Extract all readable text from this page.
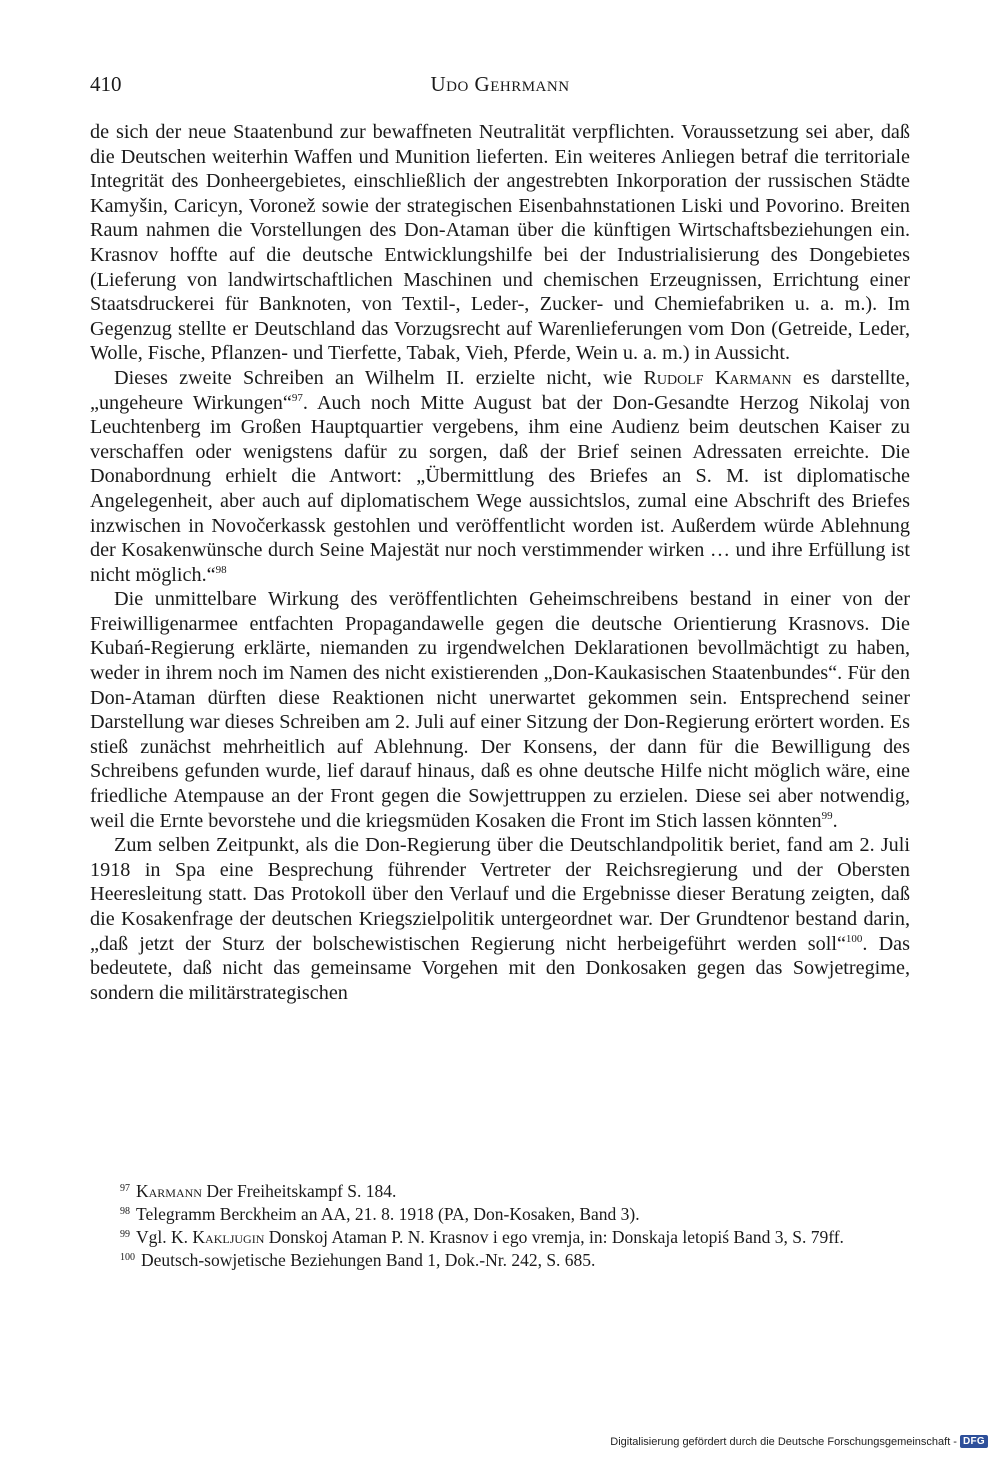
410	Udo Gehrmann

de sich der neue Staatenbund zur bewaffneten Neutralität verpflichten. Voraussetzung sei aber, daß die Deutschen weiterhin Waffen und Munition lieferten. Ein weiteres Anliegen betraf die territoriale Integrität des Donheergebietes, einschließlich der angestrebten Inkorporation der russischen Städte Kamyšin, Caricyn, Voronež sowie der strategischen Eisenbahnstationen Liski und Povorino. Breiten Raum nahmen die Vorstellungen des Don-Ataman über die künftigen Wirtschaftsbeziehungen ein. Krasnov hoffte auf die deutsche Entwicklungshilfe bei der Industrialisierung des Dongebietes (Lieferung von landwirtschaftlichen Maschinen und chemischen Erzeugnissen, Errichtung einer Staatsdruckerei für Banknoten, von Textil-, Leder-, Zucker- und Chemiefabriken u. a. m.). Im Gegenzug stellte er Deutschland das Vorzugsrecht auf Warenlieferungen vom Don (Getreide, Leder, Wolle, Fische, Pflanzen- und Tierfette, Tabak, Vieh, Pferde, Wein u. a. m.) in Aussicht.

Dieses zweite Schreiben an Wilhelm II. erzielte nicht, wie Rudolf Karmann es darstellte, „ungeheure Wirkungen“$^{97}$. Auch noch Mitte August bat der Don-Gesandte Herzog Nikolaj von Leuchtenberg im Großen Hauptquartier vergebens, ihm eine Audienz beim deutschen Kaiser zu verschaffen oder wenigstens dafür zu sorgen, daß der Brief seinen Adressaten erreichte. Die Donabordnung erhielt die Antwort: „Übermittlung des Briefes an S. M. ist diplomatische Angelegenheit, aber auch auf diplomatischem Wege aussichtslos, zumal eine Abschrift des Briefes inzwischen in Novočerkassk gestohlen und veröffentlicht worden ist. Außerdem würde Ablehnung der Kosakenwünsche durch Seine Majestät nur noch verstimmender wirken … und ihre Erfüllung ist nicht möglich.“$^{98}$

Die unmittelbare Wirkung des veröffentlichten Geheimschreibens bestand in einer von der Freiwilligenarmee entfachten Propagandawelle gegen die deutsche Orientierung Krasnovs. Die Kubań-Regierung erklärte, niemanden zu irgendwelchen Deklarationen bevollmächtigt zu haben, weder in ihrem noch im Namen des nicht existierenden „Don-Kaukasischen Staatenbundes“. Für den Don-Ataman dürften diese Reaktionen nicht unerwartet gekommen sein. Entsprechend seiner Darstellung war dieses Schreiben am 2. Juli auf einer Sitzung der Don-Regierung erörtert worden. Es stieß zunächst mehrheitlich auf Ablehnung. Der Konsens, der dann für die Bewilligung des Schreibens gefunden wurde, lief darauf hinaus, daß es ohne deutsche Hilfe nicht möglich wäre, eine friedliche Atempause an der Front gegen die Sowjettruppen zu erzielen. Diese sei aber notwendig, weil die Ernte bevorstehe und die kriegsmüden Kosaken die Front im Stich lassen könnten$^{99}$.

Zum selben Zeitpunkt, als die Don-Regierung über die Deutschlandpolitik beriet, fand am 2. Juli 1918 in Spa eine Besprechung führender Vertreter der Reichsregierung und der Obersten Heeresleitung statt. Das Protokoll über den Verlauf und die Ergebnisse dieser Beratung zeigten, daß die Kosakenfrage der deutschen Kriegszielpolitik untergeordnet war. Der Grundtenor bestand darin, „daß jetzt der Sturz der bolschewistischen Regierung nicht herbeigeführt werden soll“$^{100}$. Das bedeutete, daß nicht das gemeinsame Vorgehen mit den Donkosaken gegen das Sowjetregime, sondern die militärstrategischen

$^{97}$ Karmann Der Freiheitskampf S. 184.

$^{98}$ Telegramm Berckheim an AA, 21. 8. 1918 (PA, Don-Kosaken, Band 3).

$^{99}$ Vgl. K. Kakljugin Donskoj Ataman P. N. Krasnov i ego vremja, in: Donskaja letopiś Band 3, S. 79ff.

$^{100}$ Deutsch-sowjetische Beziehungen Band 1, Dok.-Nr. 242, S. 685.

Digitalisierung gefördert durch die Deutsche Forschungsgemeinschaft - DFG
